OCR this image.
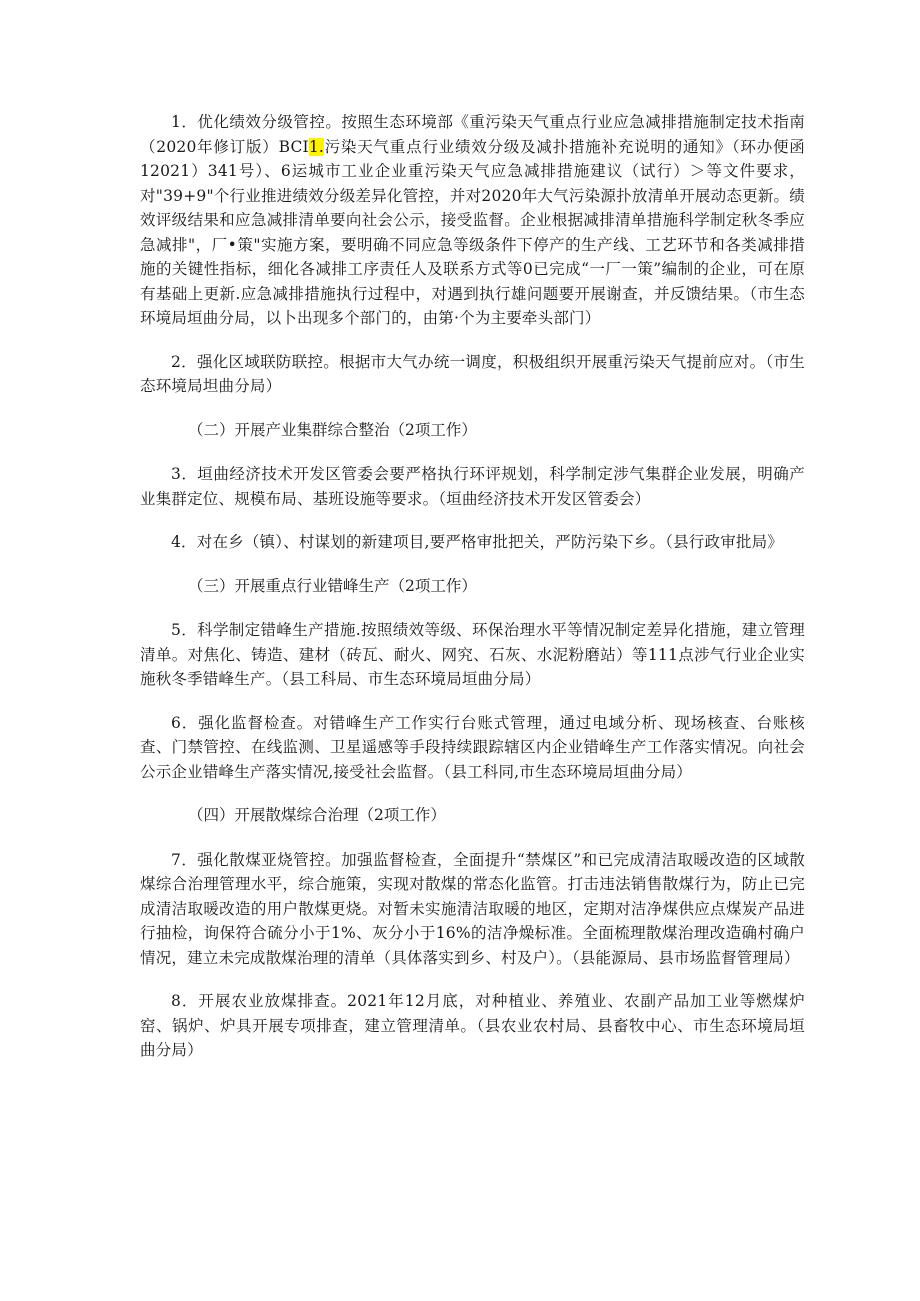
1．优化绩效分级管控。按照生态环境部《重污染天气重点行业应急减排措施制定技术指南（2020年修订版）BCI1.污染天气重点行业绩效分级及减扑措施补充说明的通知》（环办便函12021）341号）、6运城市工业企业重污染天气应急减排措施建议（试行）＞等文件要求，对"39+9"个行业推进绩效分级差异化管控，并对2020年大气污染源扑放清单开展动态更新。绩效评级结果和应急减排清单要向社会公示，接受监督。企业根据减排清单措施科学制定秋冬季应急减排"，厂•策"实施方案，要明确不同应急等级条件下停产的生产线、工艺环节和各类减排措施的关键性指标，细化各减排工序责任人及联系方式等0已完成“一厂一策”编制的企业，可在原有基础上更新.应急减排措施执行过程中，对遇到执行雄问题要开展谢查，并反馈结果。（市生态环境局垣曲分局，以卜出现多个部门的，由第·个为主要牵头部门）

2．强化区域联防联控。根据市大气办统一调度，积极组织开展重污染天气提前应对。（市生态环境局坦曲分局）

（二）开展产业集群综合整治（2项工作）

3．垣曲经济技术开发区管委会要严格执行环评规划，科学制定涉气集群企业发展，明确产业集群定位、规模布局、基班设施等要求。（垣曲经济技术开发区管委会）

4．对在乡（镇）、村谋划的新建项目,要严格审批把关，严防污染下乡。（县行政审批局》

（三）开展重点行业错峰生产（2项工作）

5．科学制定错峰生产措施.按照绩效等级、环保治理水平等情况制定差异化措施，建立管理清单。对焦化、铸造、建材（砖瓦、耐火、网究、石灰、水泥粉磨站）等111点涉气行业企业实施秋冬季错峰生产。（县工科局、市生态环境局垣曲分局）

6．强化监督检查。对错峰生产工作实行台账式管理，通过电域分析、现场核查、台账核查、门禁管控、在线监测、卫星遥感等手段持续跟踪辖区内企业错峰生产工作落实情况。向社会公示企业错峰生产落实情况,接受社会监督。（县工科同,市生态环境局垣曲分局）

（四）开展散煤综合治理（2项工作）

7．强化散煤亚烧管控。加强监督检查，全面提升“禁煤区”和已完成清洁取暖改造的区域散煤综合治理管理水平，综合施策，实现对散煤的常态化监管。打击违法销售散煤行为，防止已完成清洁取暖改造的用户散煤更烧。对暂未实施清洁取暖的地区，定期对洁净煤供应点煤炭产品进行抽检，询保符合硫分小于1%、灰分小于16%的洁净燥标准。全面梳理散煤治理改造确村确户情况，建立未完成散煤治理的清单（具体落实到乡、村及户）。（县能源局、县市场监督管理局）

8．开展农业放煤排查。2021年12月底，对种植业、养殖业、农副产品加工业等燃煤炉窑、锅炉、炉具开展专项排查，建立管理清单。（县农业农村局、县畜牧中心、市生态环境局垣曲分局）
